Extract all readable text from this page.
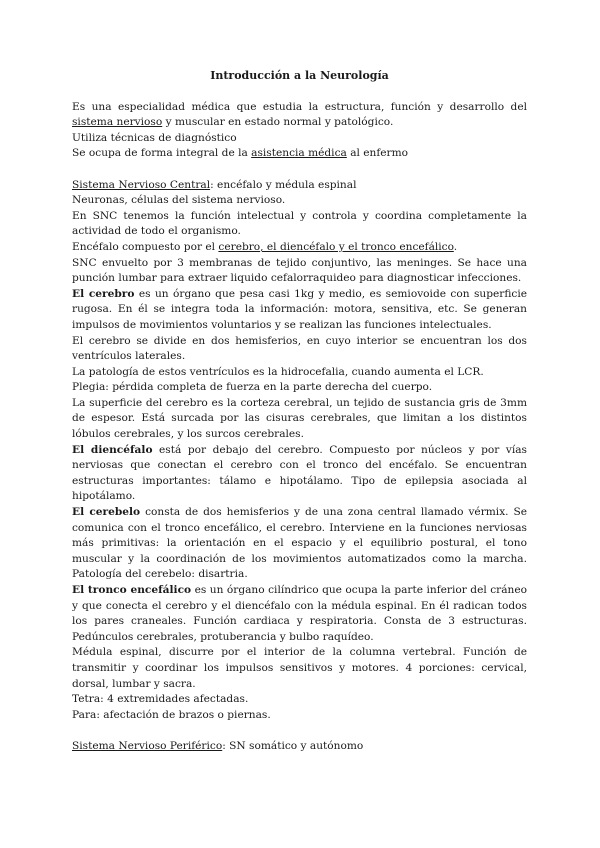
Introducción a la Neurología

Es una especialidad médica que estudia la estructura, función y desarrollo del sistema nervioso y muscular en estado normal y patológico.

Utiliza técnicas de diagnóstico

Se ocupa de forma integral de la asistencia médica al enfermo

Sistema Nervioso Central: encéfalo y médula espinal

Neuronas, células del sistema nervioso.

En SNC tenemos la función intelectual y controla y coordina completamente la actividad de todo el organismo.

Encéfalo compuesto por el cerebro, el diencéfalo y el tronco encefálico.

SNC envuelto por 3 membranas de tejido conjuntivo, las meninges. Se hace una punción lumbar para extraer liquido cefalorraquideo para diagnosticar infecciones.

El cerebro es un órgano que pesa casi 1kg y medio, es semiovoide con superficie rugosa. En él se integra toda la información: motora, sensitiva, etc. Se generan impulsos de movimientos voluntarios y se realizan las funciones intelectuales.

El cerebro se divide en dos hemisferios, en cuyo interior se encuentran los dos ventrículos laterales.

La patología de estos ventrículos es la hidrocefalia, cuando aumenta el LCR.

Plegia: pérdida completa de fuerza en la parte derecha del cuerpo.

La superficie del cerebro es la corteza cerebral, un tejido de sustancia gris de 3mm de espesor. Está surcada por las cisuras cerebrales, que limitan a los distintos lóbulos cerebrales, y los surcos cerebrales.

El diencéfalo está por debajo del cerebro. Compuesto por núcleos y por vías nerviosas que conectan el cerebro con el tronco del encéfalo. Se encuentran estructuras importantes: tálamo e hipotálamo. Tipo de epilepsia asociada al hipotálamo.

El cerebelo consta de dos hemisferios y de una zona central llamado vérmix. Se comunica con el tronco encefálico, el cerebro. Interviene en la funciones nerviosas más primitivas: la orientación en el espacio y el equilibrio postural, el tono muscular y la coordinación de los movimientos automatizados como la marcha. Patología del cerebelo: disartria.

El tronco encefálico es un órgano cilíndrico que ocupa la parte inferior del cráneo y que conecta el cerebro y el diencéfalo con la médula espinal. En él radican todos los pares craneales. Función cardiaca y respiratoria. Consta de 3 estructuras. Pedúnculos cerebrales, protuberancia y bulbo raquídeo.

Médula espinal, discurre por el interior de la columna vertebral. Función de transmitir y coordinar los impulsos sensitivos y motores. 4 porciones: cervical, dorsal, lumbar y sacra.

Tetra: 4 extremidades afectadas.

Para: afectación de brazos o piernas.

Sistema Nervioso Periférico: SN somático y autónomo
